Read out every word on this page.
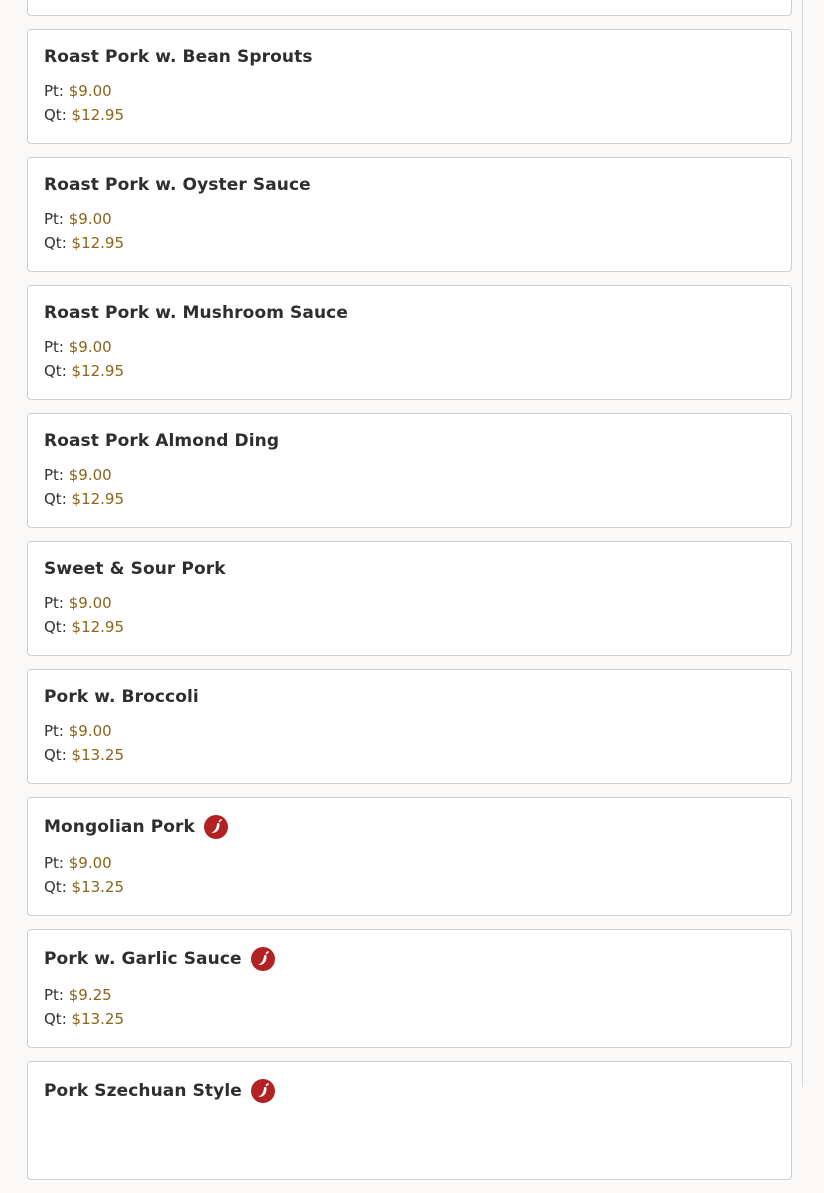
Roast Pork w. Bean Sprouts
Pt: $9.00
Qt: $12.95
Roast Pork w. Oyster Sauce
Pt: $9.00
Qt: $12.95
Roast Pork w. Mushroom Sauce
Pt: $9.00
Qt: $12.95
Roast Pork Almond Ding
Pt: $9.00
Qt: $12.95
Sweet & Sour Pork
Pt: $9.00
Qt: $12.95
Pork w. Broccoli
Pt: $9.00
Qt: $13.25
Mongolian Pork
Pt: $9.00
Qt: $13.25
Pork w. Garlic Sauce
Pt: $9.25
Qt: $13.25
Pork Szechuan Style
